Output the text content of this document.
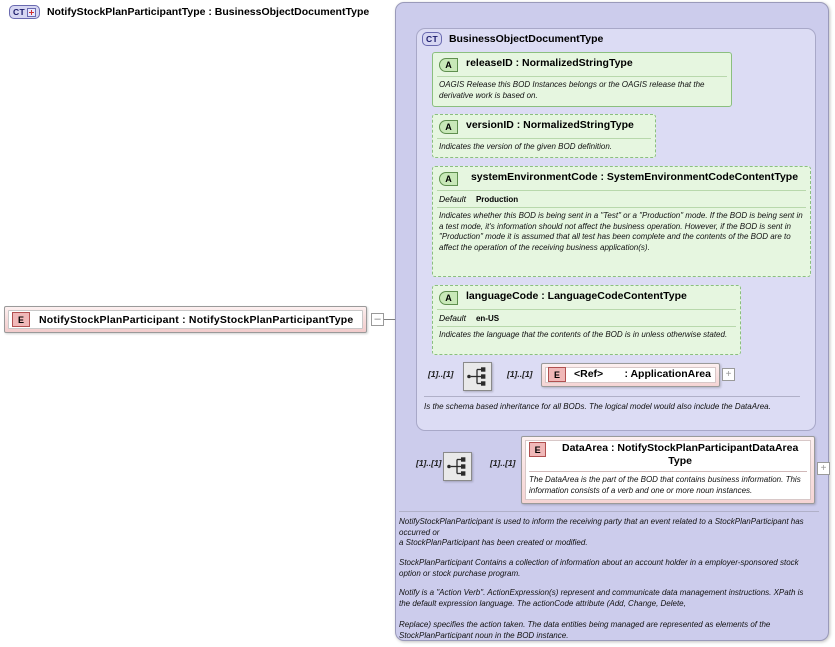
E	NotifyStockPlanParticipant : NotifyStockPlanParticipantType	–
CT NotifyStockPlanParticipantType : BusinessObjectDocumentType
CT	BusinessObjectDocumentType
A	releaseID : NormalizedStringType
OAGIS Release this BOD Instances belongs or the OAGIS release that the derivative work is based on.
A	versionID : NormalizedStringType
Indicates the version of the given BOD definition.
A	systemEnvironmentCode : SystemEnvironmentCodeContentType
Default Production
Indicates whether this BOD is being sent in a "Test" or a "Production" mode. If the BOD is being sent in a test mode, it's information should not affect the business operation. However, if the BOD is sent in "Production" mode it is assumed that all test has been complete and the contents of the BOD are to affect the operation of the receiving business application(s).
A	languageCode : LanguageCodeContentType
Default en-US
Indicates the language that the contents of the BOD is in unless otherwise stated.
[1]..[1]	[1]..[1]	E	<Ref>	: ApplicationArea	+
Is the schema based inheritance for all BODs. The logical model would also include the DataArea.
[1]..[1]	[1]..[1]
E	DataArea : NotifyStockPlanParticipantDataArea Type
The DataArea is the part of the BOD that contains business information. This information consists of a verb and one or more noun instances.
+
NotifyStockPlanParticipant is used to inform the receiving party that an event related to a StockPlanParticipant has occurred or
a StockPlanParticipant has been created or modified.
StockPlanParticipant Contains a collection of information about an account holder in a employer-sponsored stock option or stock purchase program.
Notify is a "Action Verb". ActionExpression(s) represent and communicate data management instructions. XPath is the default expression language. The actionCode attribute (Add, Change, Delete,
Replace) specifies the action taken. The data entities being managed are represented as elements of the StockPlanParticipant noun in the BOD instance.
